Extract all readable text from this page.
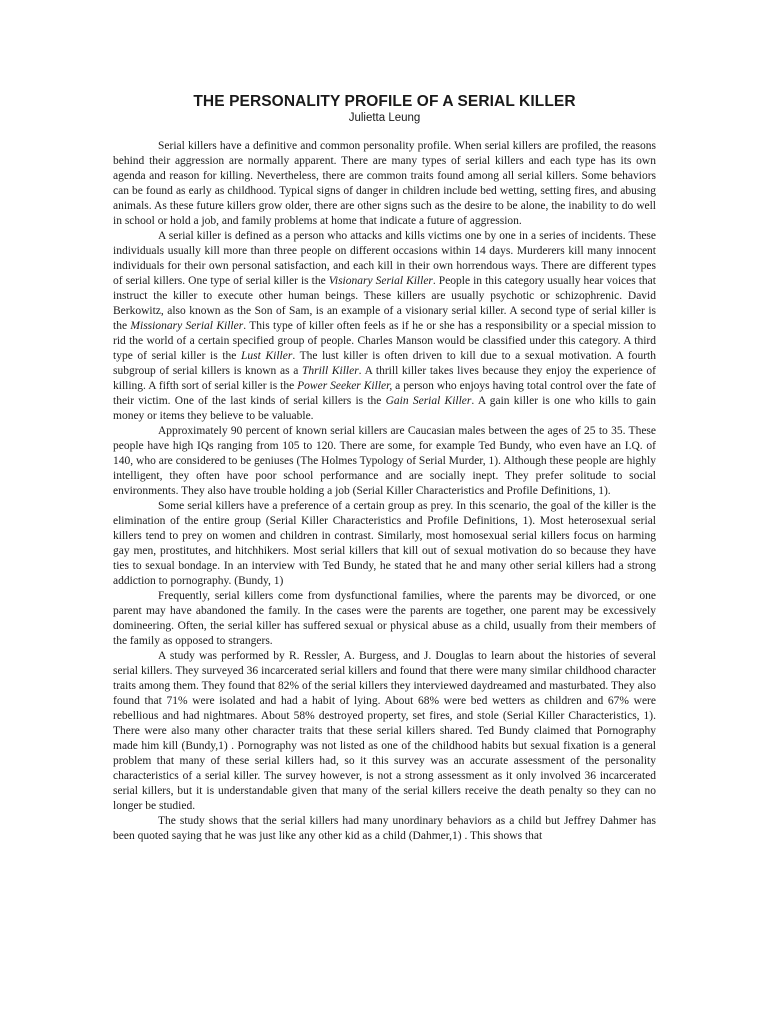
THE PERSONALITY PROFILE OF A SERIAL KILLER
Julietta Leung

Serial killers have a definitive and common personality profile. When serial killers are profiled, the reasons behind their aggression are normally apparent. There are many types of serial killers and each type has its own agenda and reason for killing. Nevertheless, there are common traits found among all serial killers. Some behaviors can be found as early as childhood. Typical signs of danger in children include bed wetting, setting fires, and abusing animals. As these future killers grow older, there are other signs such as the desire to be alone, the inability to do well in school or hold a job, and family problems at home that indicate a future of aggression.

A serial killer is defined as a person who attacks and kills victims one by one in a series of incidents. These individuals usually kill more than three people on different occasions within 14 days. Murderers kill many innocent individuals for their own personal satisfaction, and each kill in their own horrendous ways. There are different types of serial killers. One type of serial killer is the Visionary Serial Killer. People in this category usually hear voices that instruct the killer to execute other human beings. These killers are usually psychotic or schizophrenic. David Berkowitz, also known as the Son of Sam, is an example of a visionary serial killer. A second type of serial killer is the Missionary Serial Killer. This type of killer often feels as if he or she has a responsibility or a special mission to rid the world of a certain specified group of people. Charles Manson would be classified under this category. A third type of serial killer is the Lust Killer. The lust killer is often driven to kill due to a sexual motivation. A fourth subgroup of serial killers is known as a Thrill Killer. A thrill killer takes lives because they enjoy the experience of killing. A fifth sort of serial killer is the Power Seeker Killer, a person who enjoys having total control over the fate of their victim. One of the last kinds of serial killers is the Gain Serial Killer. A gain killer is one who kills to gain money or items they believe to be valuable.

Approximately 90 percent of known serial killers are Caucasian males between the ages of 25 to 35. These people have high IQs ranging from 105 to 120. There are some, for example Ted Bundy, who even have an I.Q. of 140, who are considered to be geniuses (The Holmes Typology of Serial Murder, 1). Although these people are highly intelligent, they often have poor school performance and are socially inept. They prefer solitude to social environments. They also have trouble holding a job (Serial Killer Characteristics and Profile Definitions, 1).

Some serial killers have a preference of a certain group as prey. In this scenario, the goal of the killer is the elimination of the entire group (Serial Killer Characteristics and Profile Definitions, 1). Most heterosexual serial killers tend to prey on women and children in contrast. Similarly, most homosexual serial killers focus on harming gay men, prostitutes, and hitchhikers. Most serial killers that kill out of sexual motivation do so because they have ties to sexual bondage. In an interview with Ted Bundy, he stated that he and many other serial killers had a strong addiction to pornography. (Bundy, 1)

Frequently, serial killers come from dysfunctional families, where the parents may be divorced, or one parent may have abandoned the family. In the cases were the parents are together, one parent may be excessively domineering. Often, the serial killer has suffered sexual or physical abuse as a child, usually from their members of the family as opposed to strangers.

A study was performed by R. Ressler, A. Burgess, and J. Douglas to learn about the histories of several serial killers. They surveyed 36 incarcerated serial killers and found that there were many similar childhood character traits among them. They found that 82% of the serial killers they interviewed daydreamed and masturbated. They also found that 71% were isolated and had a habit of lying. About 68% were bed wetters as children and 67% were rebellious and had nightmares. About 58% destroyed property, set fires, and stole (Serial Killer Characteristics, 1). There were also many other character traits that these serial killers shared. Ted Bundy claimed that Pornography made him kill (Bundy,1) . Pornography was not listed as one of the childhood habits but sexual fixation is a general problem that many of these serial killers had, so it this survey was an accurate assessment of the personality characteristics of a serial killer. The survey however, is not a strong assessment as it only involved 36 incarcerated serial killers, but it is understandable given that many of the serial killers receive the death penalty so they can no longer be studied.

The study shows that the serial killers had many unordinary behaviors as a child but Jeffrey Dahmer has been quoted saying that he was just like any other kid as a child (Dahmer,1) . This shows that
